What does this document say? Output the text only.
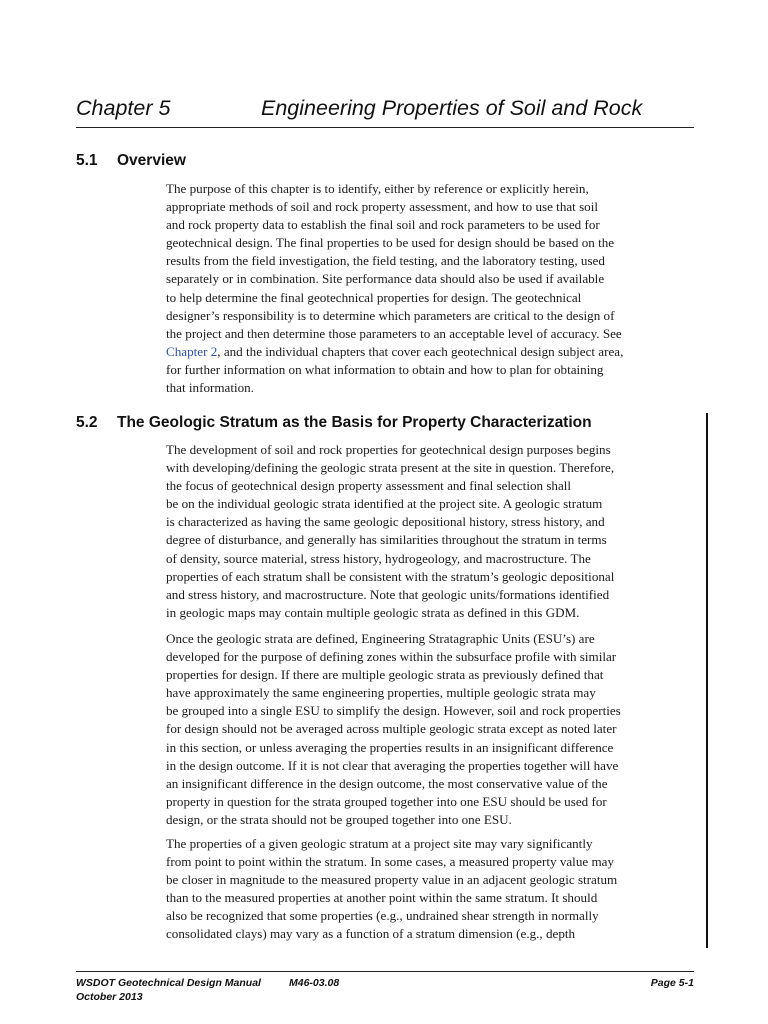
Chapter 5	Engineering Properties of Soil and Rock
5.1 Overview
The purpose of this chapter is to identify, either by reference or explicitly herein,
appropriate methods of soil and rock property assessment, and how to use that soil
and rock property data to establish the final soil and rock parameters to be used for
geotechnical design. The final properties to be used for design should be based on the
results from the field investigation, the field testing, and the laboratory testing, used
separately or in combination. Site performance data should also be used if available
to help determine the final geotechnical properties for design. The geotechnical
designer’s responsibility is to determine which parameters are critical to the design of
the project and then determine those parameters to an acceptable level of accuracy. See
Chapter 2, and the individual chapters that cover each geotechnical design subject area,
for further information on what information to obtain and how to plan for obtaining
that information.
5.2 The Geologic Stratum as the Basis for Property Characterization
The development of soil and rock properties for geotechnical design purposes begins
with developing/defining the geologic strata present at the site in question. Therefore,
the focus of geotechnical design property assessment and final selection shall
be on the individual geologic strata identified at the project site. A geologic stratum
is characterized as having the same geologic depositional history, stress history, and
degree of disturbance, and generally has similarities throughout the stratum in terms
of density, source material, stress history, hydrogeology, and macrostructure. The
properties of each stratum shall be consistent with the stratum’s geologic depositional
and stress history, and macrostructure. Note that geologic units/formations identified
in geologic maps may contain multiple geologic strata as defined in this GDM.
Once the geologic strata are defined, Engineering Stratagraphic Units (ESU’s) are
developed for the purpose of defining zones within the subsurface profile with similar
properties for design. If there are multiple geologic strata as previously defined that
have approximately the same engineering properties, multiple geologic strata may
be grouped into a single ESU to simplify the design. However, soil and rock properties
for design should not be averaged across multiple geologic strata except as noted later
in this section, or unless averaging the properties results in an insignificant difference
in the design outcome. If it is not clear that averaging the properties together will have
an insignificant difference in the design outcome, the most conservative value of the
property in question for the strata grouped together into one ESU should be used for
design, or the strata should not be grouped together into one ESU.
The properties of a given geologic stratum at a project site may vary significantly
from point to point within the stratum. In some cases, a measured property value may
be closer in magnitude to the measured property value in an adjacent geologic stratum
than to the measured properties at another point within the same stratum. It should
also be recognized that some properties (e.g., undrained shear strength in normally
consolidated clays) may vary as a function of a stratum dimension (e.g., depth
WSDOT Geotechnical Design Manual	M46-03.08
October 2013
Page 5-1
